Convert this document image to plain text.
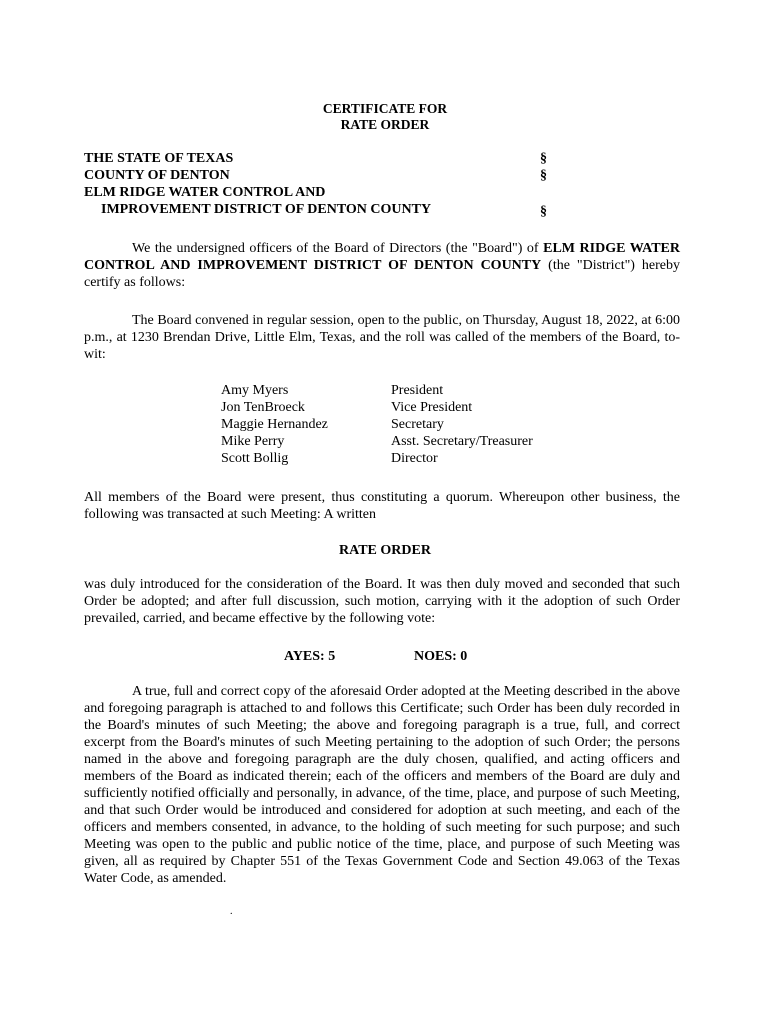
CERTIFICATE FOR
RATE ORDER
THE STATE OF TEXAS	§
COUNTY OF DENTON	§
ELM RIDGE WATER CONTROL AND
IMPROVEMENT DISTRICT OF DENTON COUNTY	§
We the undersigned officers of the Board of Directors (the "Board") of ELM RIDGE WATER CONTROL AND IMPROVEMENT DISTRICT OF DENTON COUNTY (the "District") hereby certify as follows:
The Board convened in regular session, open to the public, on Thursday, August 18, 2022, at 6:00 p.m., at 1230 Brendan Drive, Little Elm, Texas, and the roll was called of the members of the Board, to-wit:
Amy Myers	President
Jon TenBroeck	Vice President
Maggie Hernandez	Secretary
Mike Perry	Asst. Secretary/Treasurer
Scott Bollig	Director
All members of the Board were present, thus constituting a quorum. Whereupon other business, the following was transacted at such Meeting: A written
RATE ORDER
was duly introduced for the consideration of the Board. It was then duly moved and seconded that such Order be adopted; and after full discussion, such motion, carrying with it the adoption of such Order prevailed, carried, and became effective by the following vote:
AYES: 5	NOES: 0
A true, full and correct copy of the aforesaid Order adopted at the Meeting described in the above and foregoing paragraph is attached to and follows this Certificate; such Order has been duly recorded in the Board's minutes of such Meeting; the above and foregoing paragraph is a true, full, and correct excerpt from the Board's minutes of such Meeting pertaining to the adoption of such Order; the persons named in the above and foregoing paragraph are the duly chosen, qualified, and acting officers and members of the Board as indicated therein; each of the officers and members of the Board are duly and sufficiently notified officially and personally, in advance, of the time, place, and purpose of such Meeting, and that such Order would be introduced and considered for adoption at such meeting, and each of the officers and members consented, in advance, to the holding of such meeting for such purpose; and such Meeting was open to the public and public notice of the time, place, and purpose of such Meeting was given, all as required by Chapter 551 of the Texas Government Code and Section 49.063 of the Texas Water Code, as amended.
.
